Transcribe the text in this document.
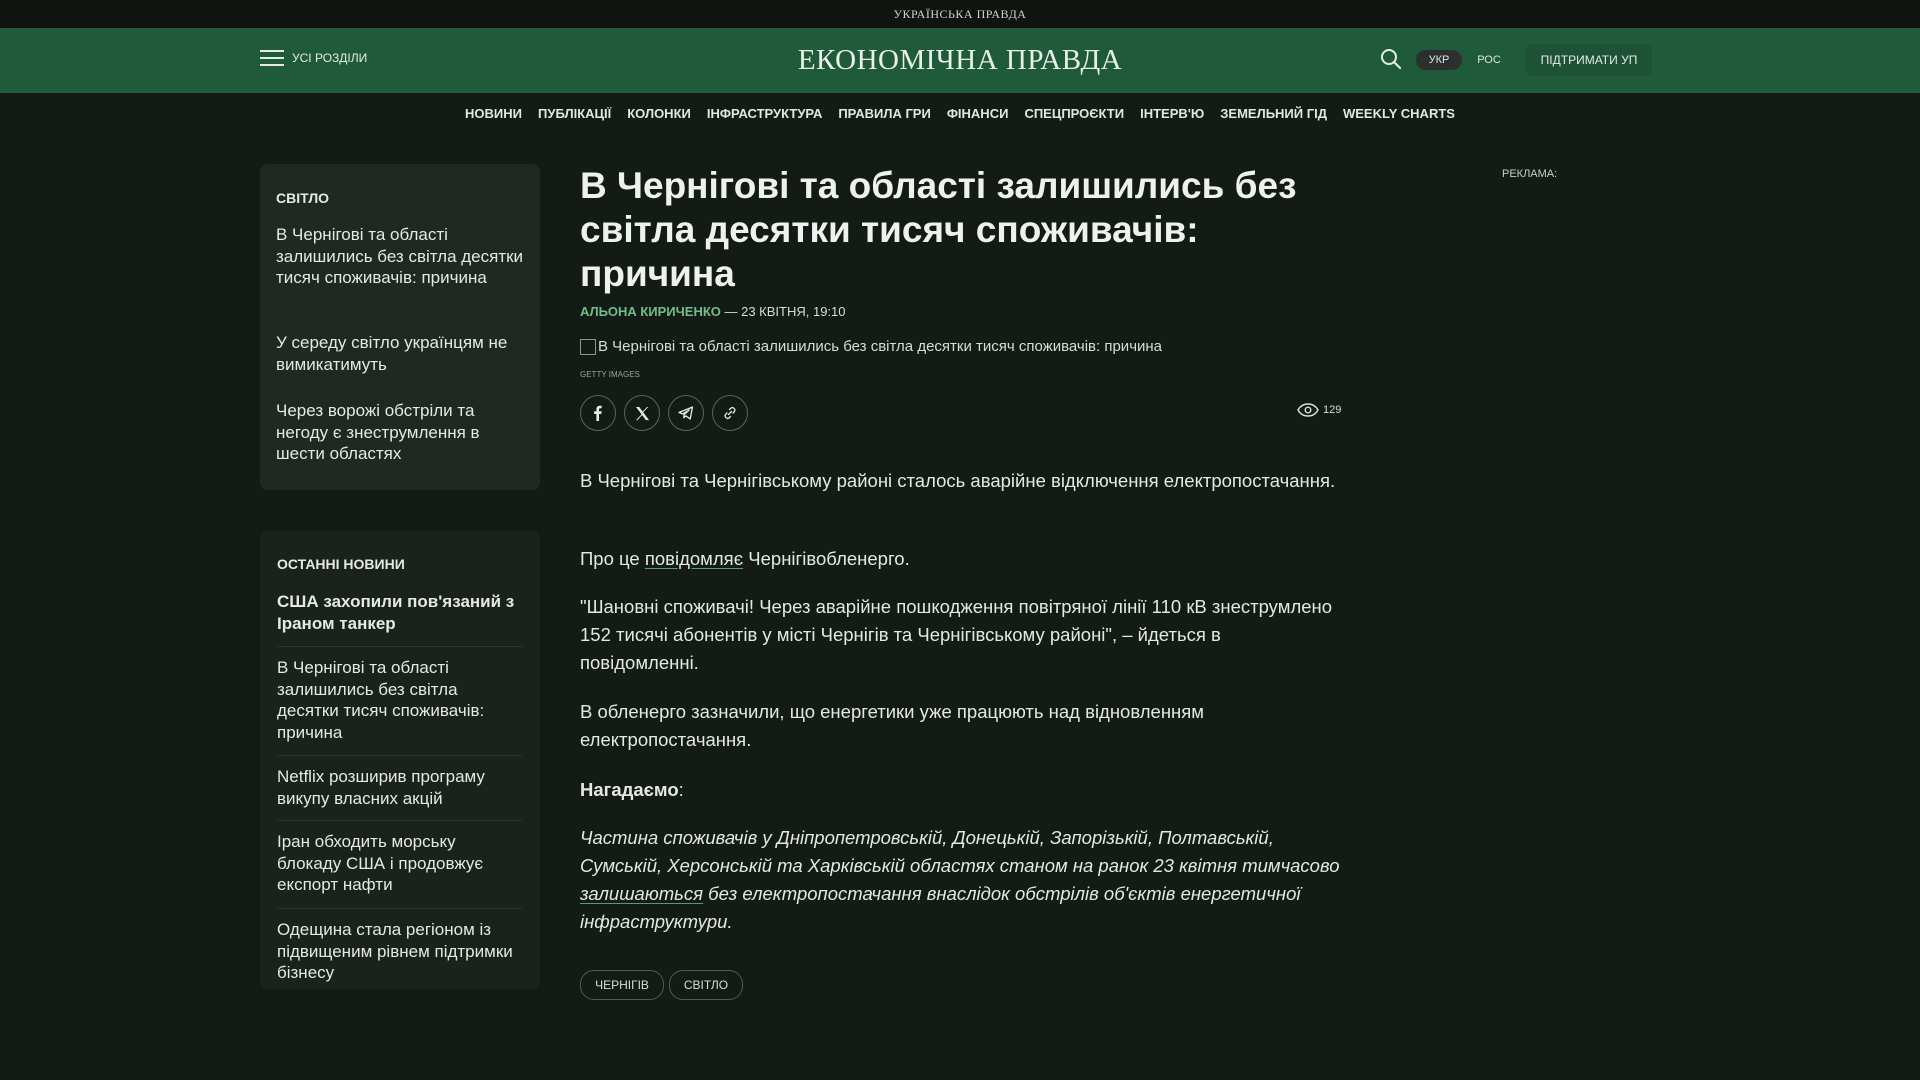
УКРАЇНСЬКА ПРАВДА
УСІ РОЗДІЛИ	ЕКОНОМІЧНА ПРАВДА	УКР	РОС	ПІДТРИМАТИ УП
НОВИНИ ПУБЛІКАЦІЇ КОЛОНКИ ІНФРАСТРУКТУРА ПРАВИЛА ГРИ ФІНАНСИ СПЕЦПРОЄКТИ ІНТЕРВ'Ю ЗЕМЕЛЬНИЙ ГІД WEEKLY CHARTS
СВІТЛО
В Чернігові та області залишились без світла десятки тисяч споживачів: причина
У середу світло українцям не вимикатимуть
Через ворожі обстріли та негоду є знеструмлення в шести областях
ОСТАННІ НОВИНИ
США захопили пов'язаний з Іраном танкер
В Чернігові та області залишились без світла десятки тисяч споживачів: причина
Netflix розширив програму викупу власних акцій
Іран обходить морську блокаду США і продовжує експорт нафти
Одещина стала регіоном із підвищеним рівнем підтримки бізнесу
В Чернігові та області залишились без світла десятки тисяч споживачів: причина
АЛЬОНА КИРИЧЕНКО — 23 КВІТНЯ, 19:10
В Чернігові та області залишились без світла десятки тисяч споживачів: причина
GETTY IMAGES
129

В Чернігові та Чернігівському районі сталось аварійне відключення електропостачання.

Про це повідомляє Чернігівобленерго.

"Шановні споживачі! Через аварійне пошкодження повітряної лінії 110 кВ знеструмлено 152 тисячі абонентів у місті Чернігів та Чернігівському районі", – йдеться в повідомленні.

В обленерго зазначили, що енергетики уже працюють над відновленням електропостачання.

Нагадаємо:

Частина споживачів у Дніпропетровській, Донецькій, Запорізькій, Полтавській, Сумській, Херсонській та Харківській областях станом на ранок 23 квітня тимчасово залишаються без електропостачання внаслідок обстрілів об'єктів енергетичної інфраструктури.

ЧЕРНІГІВ	СВІТЛО
РЕКЛАМА:
